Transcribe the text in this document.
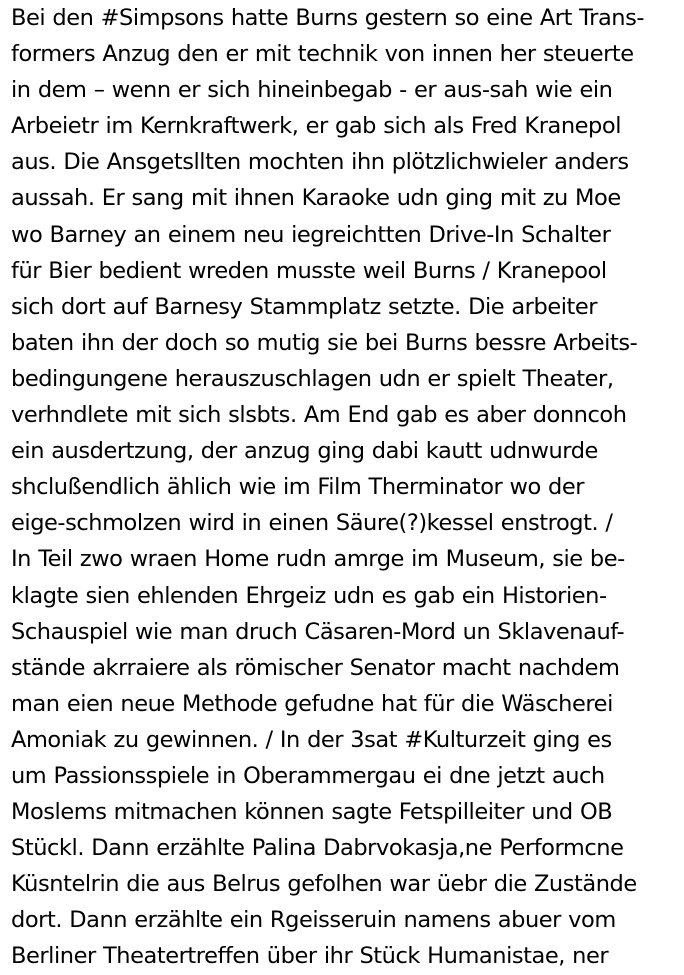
Bei den #Simpsons hatte Burns gestern so eine Art Trans-
formers Anzug den er mit technik von innen her steuerte
in dem – wenn er sich hineinbegab - er aus-sah wie ein
Arbeietr im Kernkraftwerk, er gab sich als Fred Kranepol
aus. Die Ansgetsllten mochten ihn plötzlichwieler anders
aussah. Er sang mit ihnen Karaoke udn ging mit zu Moe
wo Barney an einem neu iegreichtten Drive-In Schalter
für Bier bedient wreden musste weil Burns / Kranepool
sich dort auf Barnesy Stammplatz setzte. Die arbeiter
baten ihn der doch so mutig sie bei Burns bessre Arbeits-
bedingungene herauszuschlagen udn er spielt Theater,
verhndlete mit sich slsbts. Am End gab es aber donncoh
ein ausdertzung, der anzug ging dabi kautt udnwurde
shclußendlich ählich wie im Film Therminator wo der
eige-schmolzen wird in einen Säure(?)kessel enstrogt. /
In Teil zwo wraen Home rudn amrge im Museum, sie be-
klagte sien ehlenden Ehrgeiz udn es gab ein Historien-
Schauspiel wie man druch Cäsaren-Mord un Sklavenauf-
stände akrraiere als römischer Senator macht nachdem
man eien neue Methode gefudne hat für die Wäscherei
Amoniak zu gewinnen. / In der 3sat #Kulturzeit ging es
um Passionsspiele in Oberammergau ei dne jetzt auch
Moslems mitmachen können sagte Fetspilleiter und OB
Stückl. Dann erzählte Palina Dabrvokasja,ne Performcne
Küsntelrin die aus Belrus gefolhen war üebr die Zustände
dort. Dann erzählte ein Rgeisseruin namens abuer vom
Berliner Theatertreffen über ihr Stück Humanistae, ner
